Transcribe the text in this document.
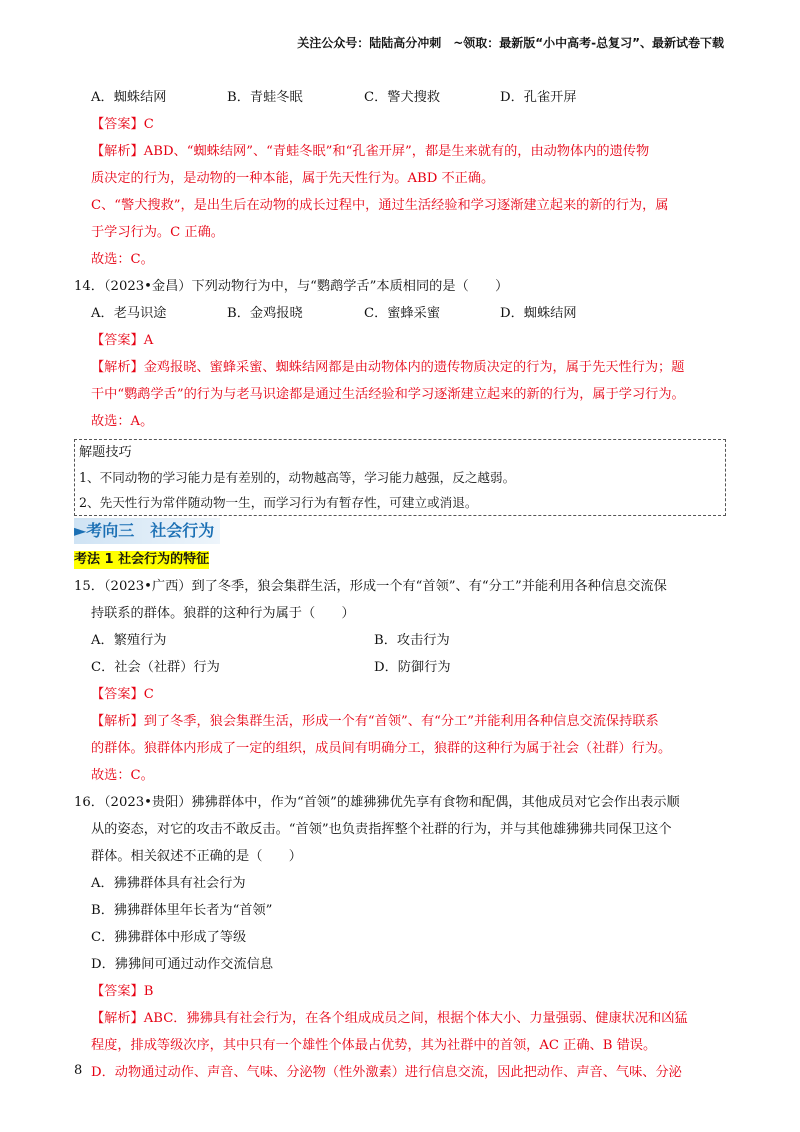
关注公众号：陆陆高分冲刺　~领取：最新版“小中高考-总复习”、最新试卷下载
A．蜘蛛结网	B．青蛙冬眠	C．警犬搜救	D．孔雀开屏
【答案】C
【解析】ABD、“蜘蛛结网”、“青蛙冬眠”和“孔雀开屏”，都是生来就有的，由动物体内的遗传物
质决定的行为，是动物的一种本能，属于先天性行为。ABD 不正确。
C、“警犬搜救”，是出生后在动物的成长过程中，通过生活经验和学习逐渐建立起来的新的行为，属
于学习行为。C 正确。
故选：C。
14．（2023•金昌）下列动物行为中，与“鹦鹉学舌”本质相同的是（　　）
A．老马识途	B．金鸡报晓	C．蜜蜂采蜜	D．蜘蛛结网
【答案】A
【解析】金鸡报晓、蜜蜂采蜜、蜘蛛结网都是由动物体内的遗传物质决定的行为，属于先天性行为；题
干中“鹦鹉学舌”的行为与老马识途都是通过生活经验和学习逐渐建立起来的新的行为，属于学习行为。
故选：A。
解题技巧
1、不同动物的学习能力是有差别的，动物越高等，学习能力越强，反之越弱。
2、先天性行为常伴随动物一生，而学习行为有暂存性，可建立或消退。
►考向三　社会行为
考法 1 社会行为的特征
15．（2023•广西）到了冬季，狼会集群生活，形成一个有“首领”、有“分工”并能利用各种信息交流保
持联系的群体。狼群的这种行为属于（　　）
A．繁殖行为	B．攻击行为
C．社会（社群）行为	D．防御行为
【答案】C
【解析】到了冬季，狼会集群生活，形成一个有“首领”、有“分工”并能利用各种信息交流保持联系
的群体。狼群体内形成了一定的组织，成员间有明确分工，狼群的这种行为属于社会（社群）行为。
故选：C。
16．（2023•贵阳）狒狒群体中，作为“首领”的雄狒狒优先享有食物和配偶，其他成员对它会作出表示顺
从的姿态，对它的攻击不敢反击。“首领”也负责指挥整个社群的行为，并与其他雄狒狒共同保卫这个
群体。相关叙述不正确的是（　　）
A．狒狒群体具有社会行为
B．狒狒群体里年长者为“首领”
C．狒狒群体中形成了等级
D．狒狒间可通过动作交流信息
【答案】B
【解析】ABC．狒狒具有社会行为，在各个组成成员之间，根据个体大小、力量强弱、健康状况和凶猛
程度，排成等级次序，其中只有一个雄性个体最占优势，其为社群中的首领，AC 正确、B 错误。
D．动物通过动作、声音、气味、分泌物（性外激素）进行信息交流，因此把动作、声音、气味、分泌
8
